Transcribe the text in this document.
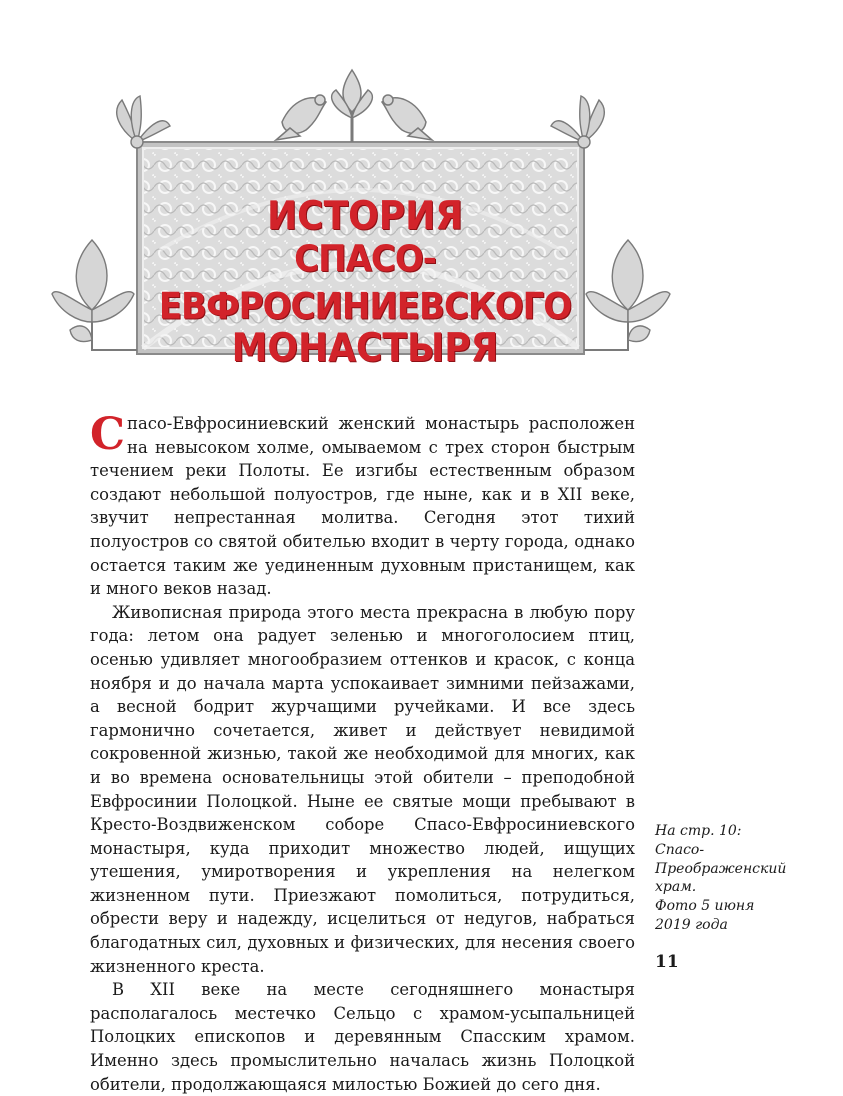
ИСТОРИЯ
СПАСО-ЕВФРОСИНИЕВСКОГО
МОНАСТЫРЯ

Спасо-Евфросиниевский женский монастырь расположен на невысоком холме, омываемом с трех сторон быстрым течением реки Полоты. Ее изгибы естественным образом создают небольшой полуостров, где ныне, как и в XII веке, звучит непрестанная молитва. Сегодня этот тихий полуостров со святой обителью входит в черту города, однако остается таким же уединенным духовным пристанищем, как и много веков назад.

Живописная природа этого места прекрасна в любую пору года: летом она радует зеленью и многоголосием птиц, осенью удивляет многообразием оттенков и красок, с конца ноября и до начала марта успокаивает зимними пейзажами, а весной бодрит журчащими ручейками. И все здесь гармонично сочетается, живет и действует невидимой сокровенной жизнью, такой же необходимой для многих, как и во времена основательницы этой обители – преподобной Евфросинии Полоцкой. Ныне ее святые мощи пребывают в Кресто-Воздвиженском соборе Спасо-Евфросиниевского монастыря, куда приходит множество людей, ищущих утешения, умиротворения и укрепления на нелегком жизненном пути. Приезжают помолиться, потрудиться, обрести веру и надежду, исцелиться от недугов, набраться благодатных сил, духовных и физических, для несения своего жизненного креста.

В XII веке на месте сегодняшнего монастыря располагалось местечко Сельцо с храмом-усыпальницей Полоцких епископов и деревянным Спасским храмом. Именно здесь промыслительно началась жизнь Полоцкой обители, продолжающаяся милостью Божией до сего дня.

На стр. 10:
Спасо-
Преображенский
храм.
Фото 5 июня
2019 года
11
